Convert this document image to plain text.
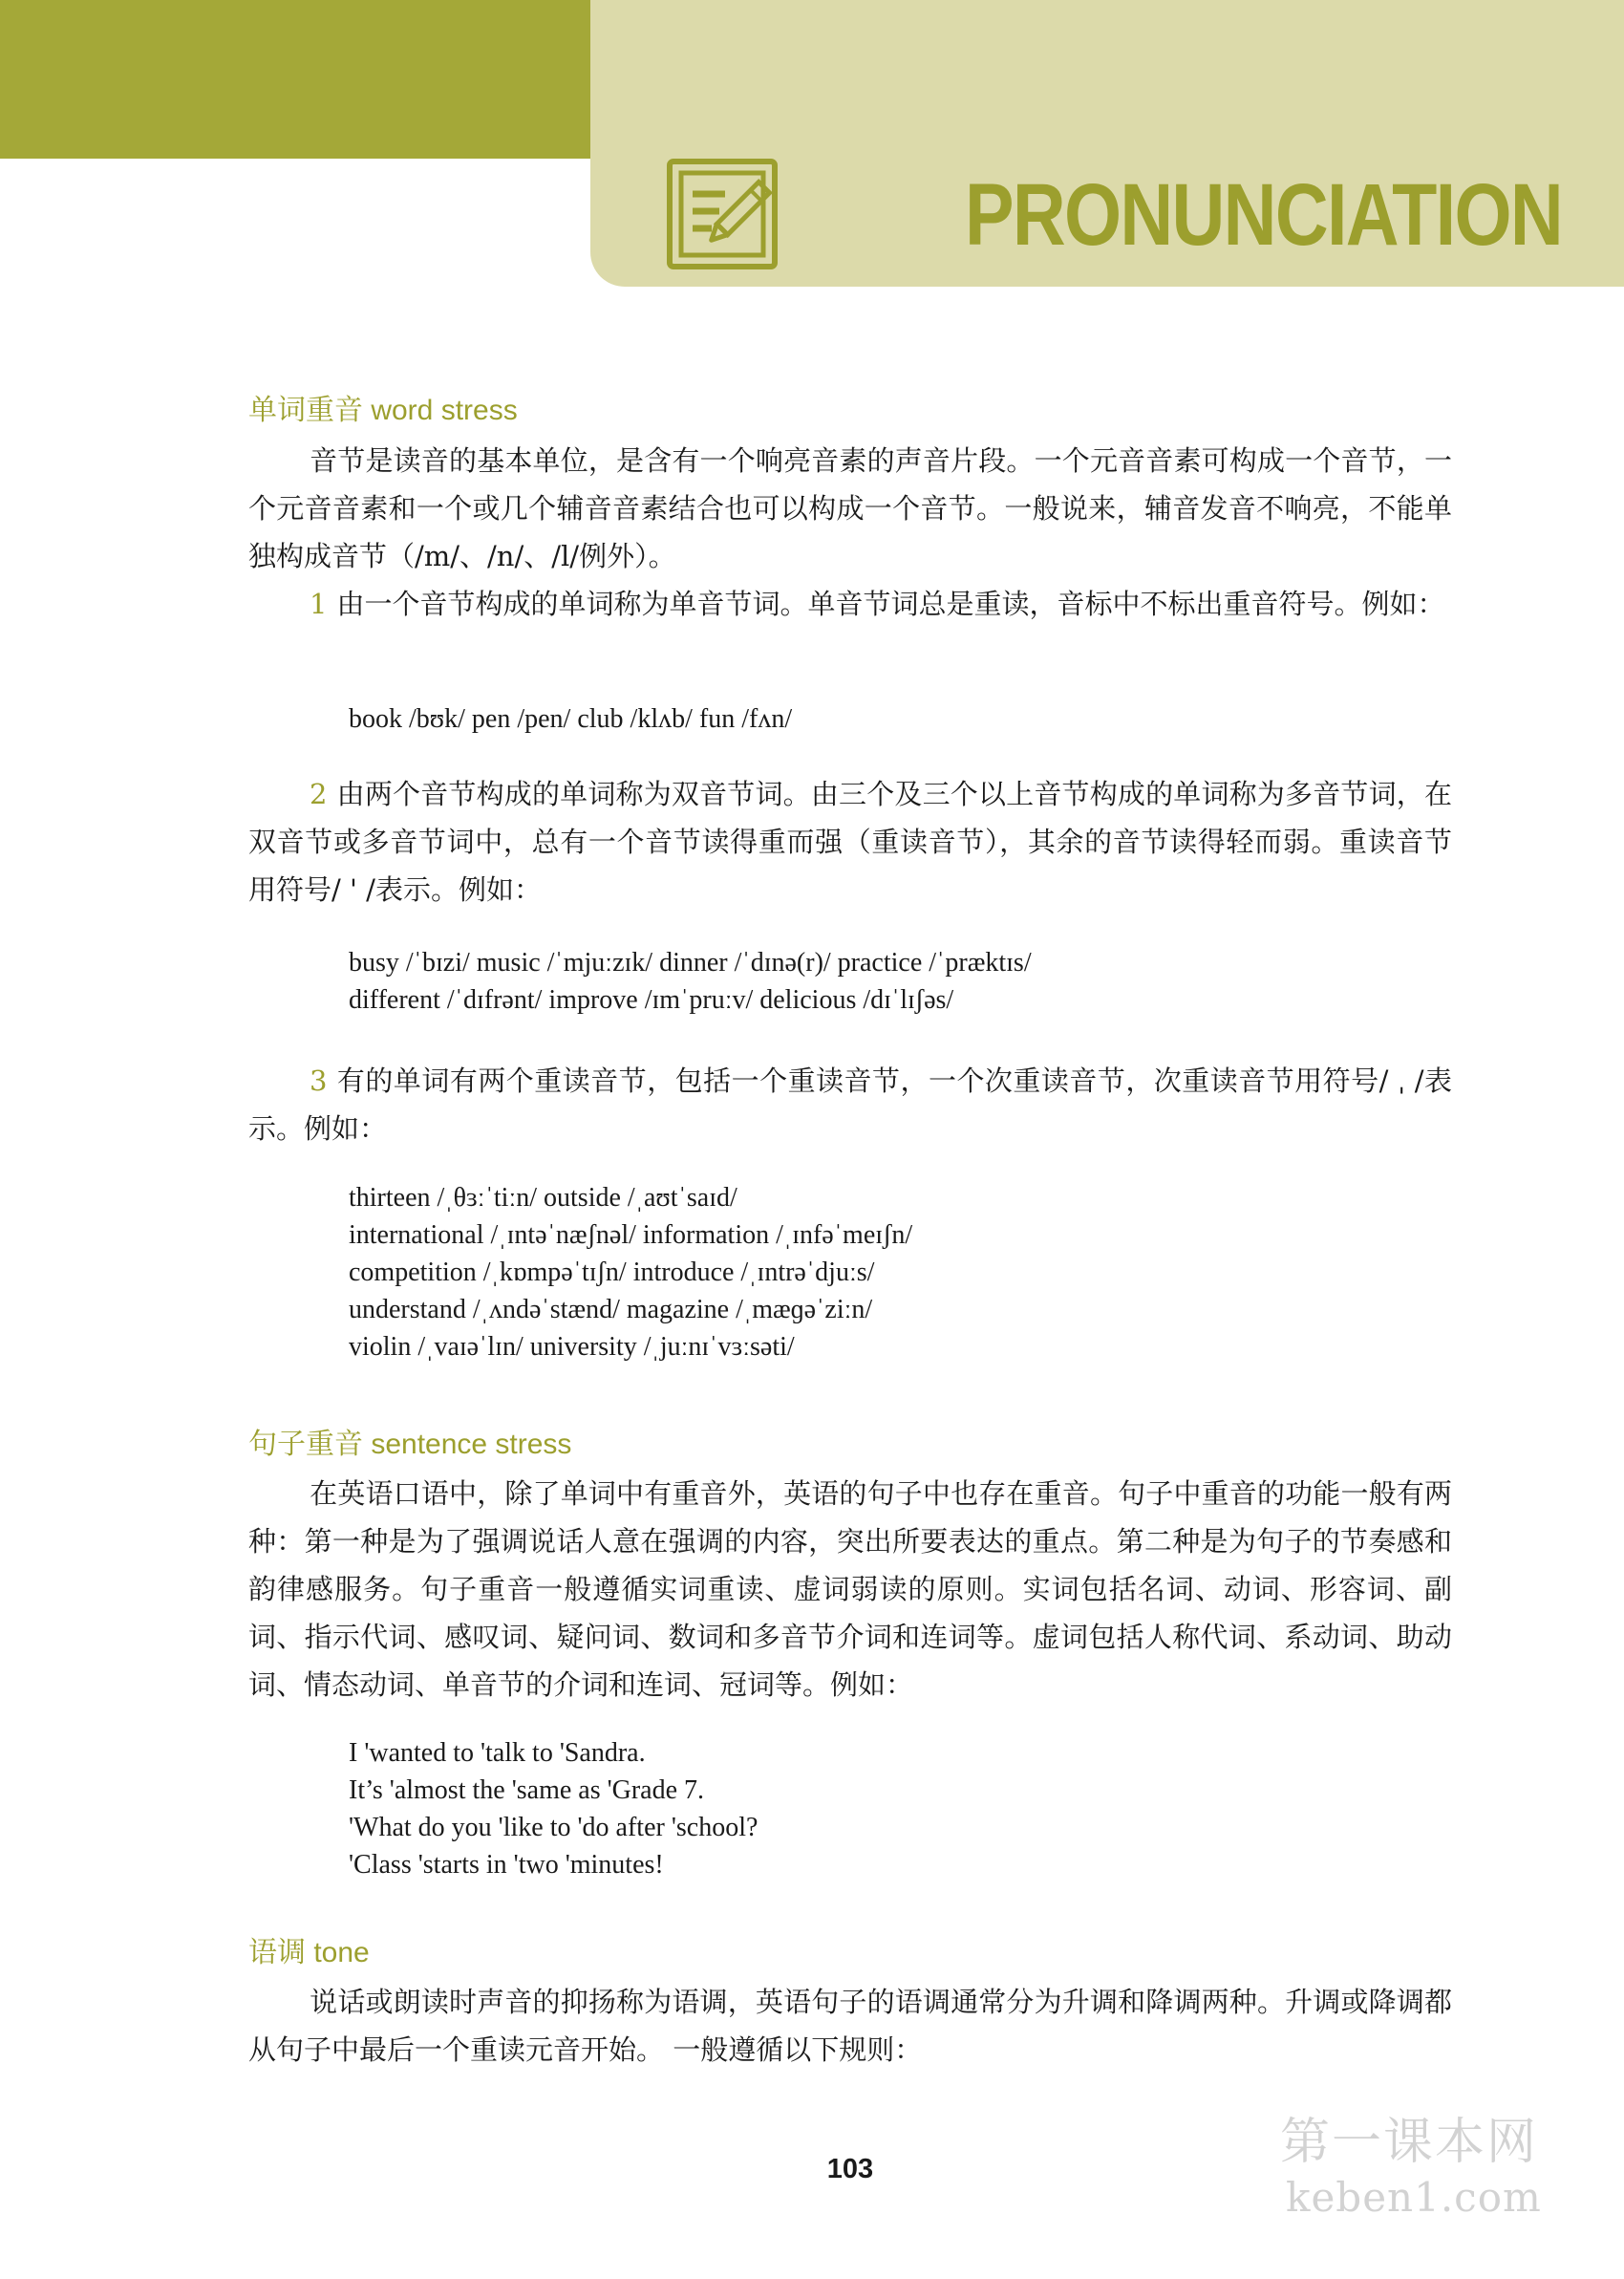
PRONUNCIATION
单词重音 word stress

音节是读音的基本单位，是含有一个响亮音素的声音片段。一个元音音素可构成一个音节，一个元音音素和一个或几个辅音音素结合也可以构成一个音节。一般说来，辅音发音不响亮，不能单独构成音节（/m/、/n/、/l/例外）。

1 由一个音节构成的单词称为单音节词。单音节词总是重读，音标中不标出重音符号。例如：

book /bʊk/ pen /pen/ club /klʌb/ fun /fʌn/

2 由两个音节构成的单词称为双音节词。由三个及三个以上音节构成的单词称为多音节词，在双音节或多音节词中，总有一个音节读得重而强（重读音节），其余的音节读得轻而弱。重读音节用符号/ ' /表示。例如：

busy /ˈbɪzi/ music /ˈmjuːzɪk/ dinner /ˈdɪnə(r)/ practice /ˈpræktɪs/
different /ˈdɪfrənt/ improve /ɪmˈpruːv/ delicious /dɪˈlɪʃəs/

3 有的单词有两个重读音节，包括一个重读音节，一个次重读音节，次重读音节用符号/ ˌ /表示。例如：

thirteen /ˌθɜːˈtiːn/ outside /ˌaʊtˈsaɪd/
international /ˌɪntəˈnæʃnəl/ information /ˌɪnfəˈmeɪʃn/
competition /ˌkɒmpəˈtɪʃn/ introduce /ˌɪntrəˈdjuːs/
understand /ˌʌndəˈstænd/ magazine /ˌmæɡəˈziːn/
violin /ˌvaɪəˈlɪn/ university /ˌjuːnɪˈvɜːsəti/
句子重音 sentence stress

在英语口语中，除了单词中有重音外，英语的句子中也存在重音。句子中重音的功能一般有两种：第一种是为了强调说话人意在强调的内容，突出所要表达的重点。第二种是为句子的节奏感和韵律感服务。句子重音一般遵循实词重读、虚词弱读的原则。实词包括名词、动词、形容词、副词、指示代词、感叹词、疑问词、数词和多音节介词和连词等。虚词包括人称代词、系动词、助动词、情态动词、单音节的介词和连词、冠词等。例如：

I 'wanted to 'talk to 'Sandra.
It’s 'almost the 'same as 'Grade 7.
'What do you 'like to 'do after 'school?
'Class 'starts in 'two 'minutes!
语调 tone

说话或朗读时声音的抑扬称为语调，英语句子的语调通常分为升调和降调两种。升调或降调都从句子中最后一个重读元音开始。 一般遵循以下规则：

103	第一课本网
keben1.com
